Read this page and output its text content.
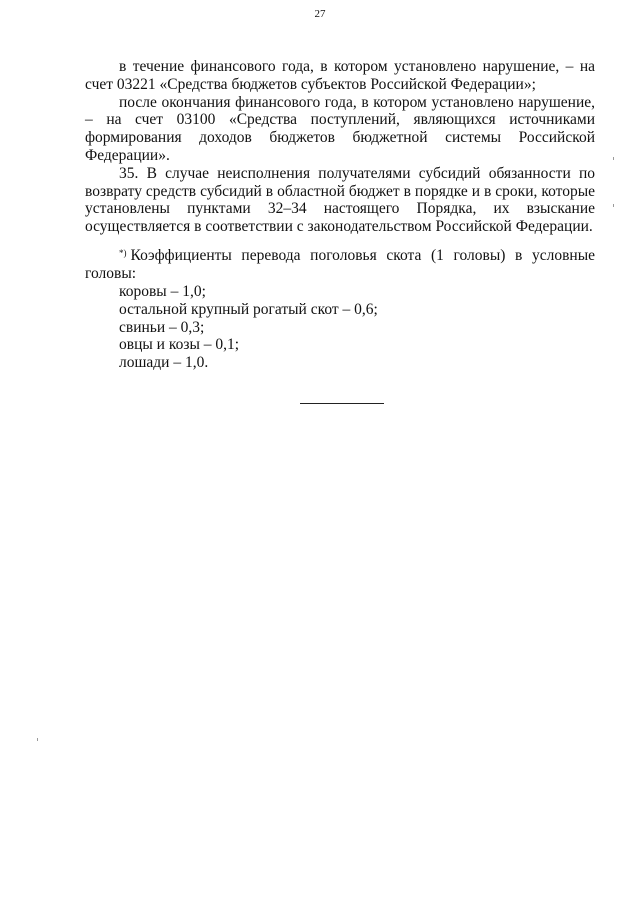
27

в течение финансового года, в котором установлено нарушение, – на счет 03221 «Средства бюджетов субъектов Российской Федерации»;

после окончания финансового года, в котором установлено нарушение, – на счет 03100 «Средства поступлений, являющихся источниками формирования доходов бюджетов бюджетной системы Российской Федерации».

35. В случае неисполнения получателями субсидий обязанности по возврату средств субсидий в областной бюджет в порядке и в сроки, которые установлены пунктами 32–34 настоящего Порядка, их взыскание осуществляется в соответствии с законодательством Российской Федерации.

*) Коэффициенты перевода поголовья скота (1 головы) в условные головы:

коровы – 1,0;
остальной крупный рогатый скот – 0,6;
свиньи – 0,3;
овцы и козы – 0,1;
лошади – 1,0.
